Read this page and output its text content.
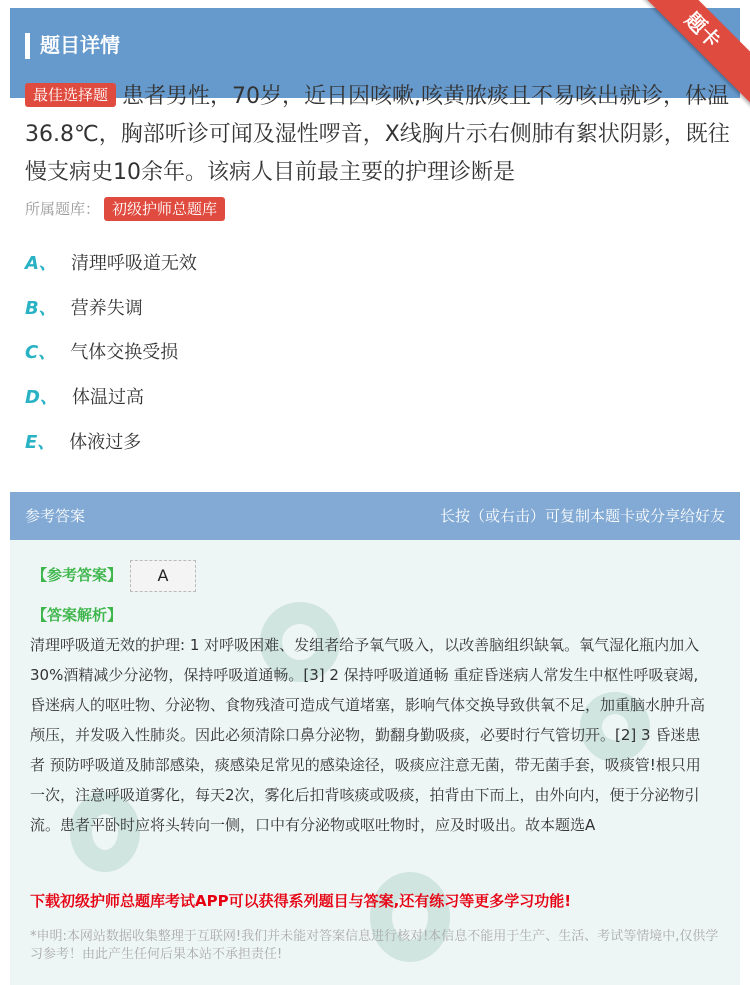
题目详情	题卡
最佳选择题 患者男性，70岁，近日因咳嗽,咳黄脓痰且不易咳出就诊，体温36.8℃，胸部听诊可闻及湿性啰音，X线胸片示右侧肺有絮状阴影，既往慢支病史10余年。该病人目前最主要的护理诊断是
所属题库： 初级护师总题库
A、 清理呼吸道无效
B、 营养失调
C、 气体交换受损
D、 体温过高
E、 体液过多
参考答案	长按（或右击）可复制本题卡或分享给好友
【参考答案】	A
【答案解析】
清理呼吸道无效的护理: 1 对呼吸困难、发组者给予氧气吸入，以改善脑组织缺氧。氧气湿化瓶内加入30%酒精减少分泌物，保持呼吸道通畅。[3] 2 保持呼吸道通畅 重症昏迷病人常发生中枢性呼吸衰竭,昏迷病人的呕吐物、分泌物、食物残渣可造成气道堵塞，影响气体交换导致供氧不足，加重脑水肿升高颅压，并发吸入性肺炎。因此必须清除口鼻分泌物，勤翻身勤吸痰，必要时行气管切开。[2] 3 昏迷患者 预防呼吸道及肺部感染，痰感染足常见的感染途径，吸痰应注意无菌，带无菌手套，吸痰管!根只用一次，注意呼吸道雾化，每天2次，雾化后扣背咳痰或吸痰，拍背由下而上，由外向内，便于分泌物引流。患者平卧时应将头转向一侧，口中有分泌物或呕吐物时，应及时吸出。故本题选A
下载初级护师总题库考试APP可以获得系列题目与答案,还有练习等更多学习功能!
*申明:本网站数据收集整理于互联网!我们并未能对答案信息进行核对!本信息不能用于生产、生活、考试等情境中,仅供学习参考！由此产生任何后果本站不承担责任!
